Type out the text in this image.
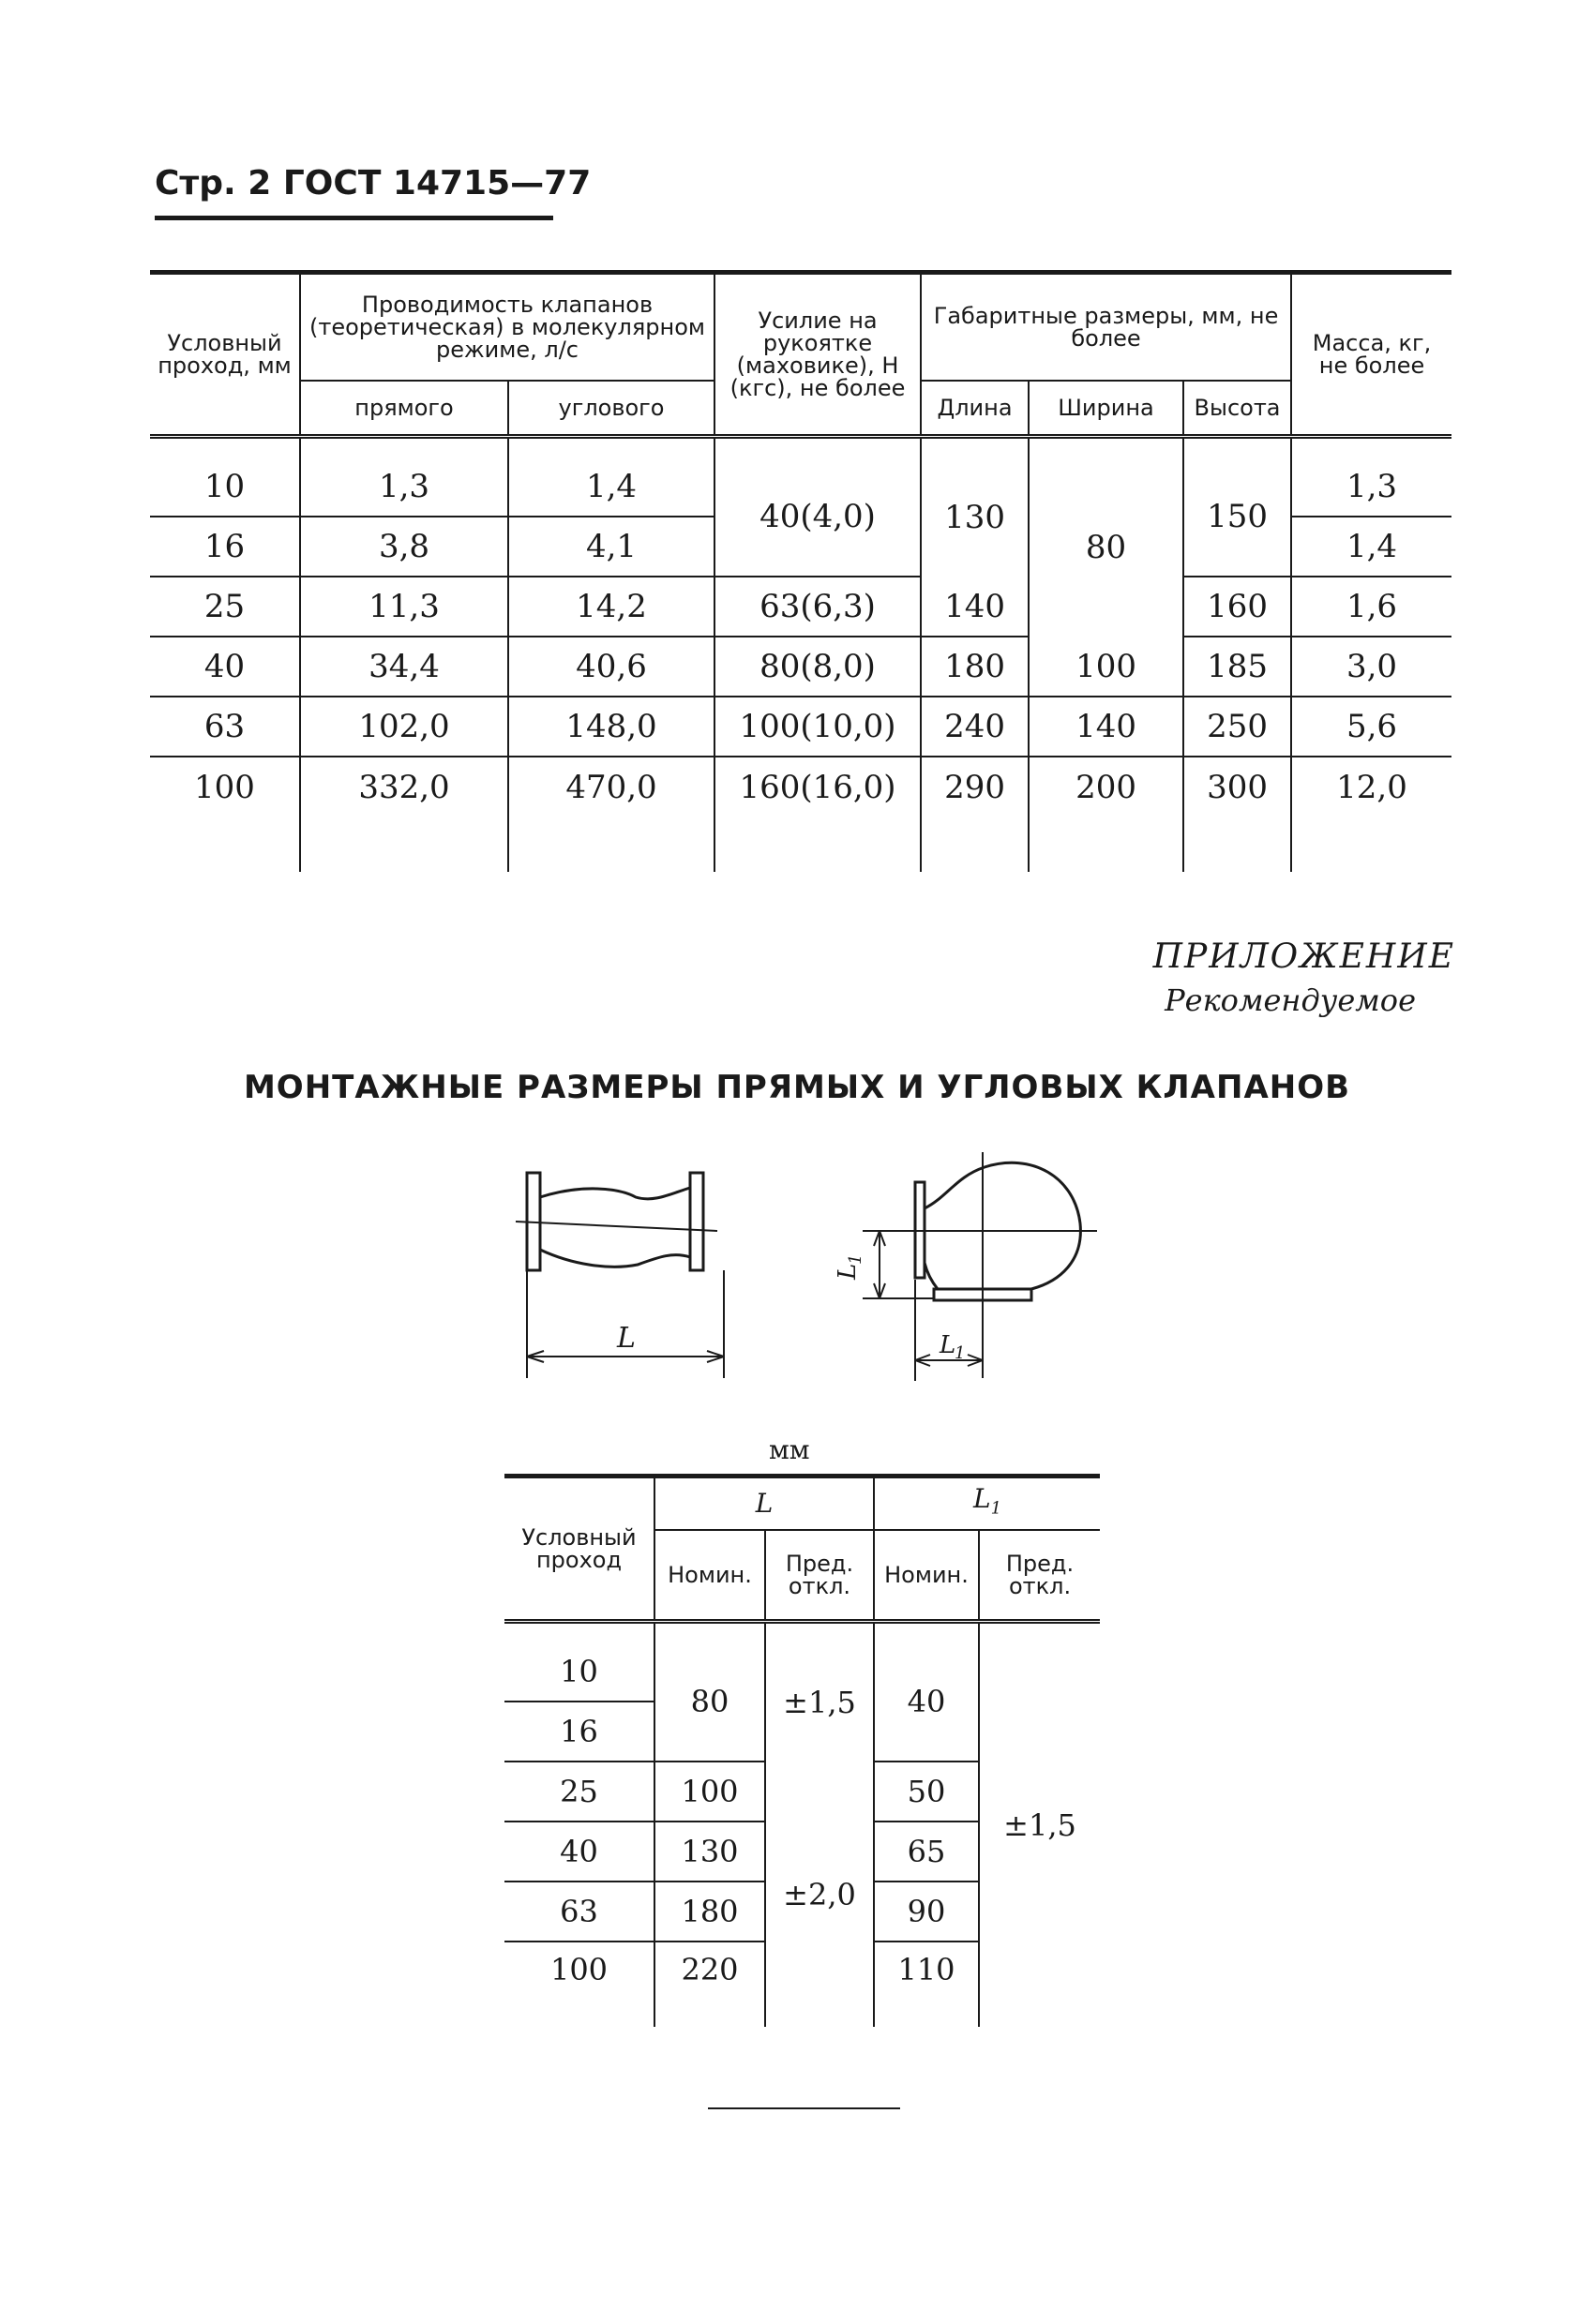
Стр. 2 ГОСТ 14715—77
Условный проход, мм	Проводимость клапанов (теоретическая) в молекулярном режиме, л/с		Усилие на рукоятке (маховике), Н (кгс), не более	Габаритные размеры, мм, не более			Масса, кг, не более
	прямого	углового		Длина	Ширина	Высота	
10	1,3	1,4	40(4,0)	130	80	150	1,3
16	3,8	4,1					1,4
25	11,3	14,2	63(6,3)	140		160	1,6
40	34,4	40,6	80(8,0)	180	100	185	3,0
63	102,0	148,0	100(10,0)	240	140	250	5,6
100	332,0	470,0	160(16,0)	290	200	300	12,0
ПРИЛОЖЕНИЕ
Рекомендуемое
МОНТАЖНЫЕ РАЗМЕРЫ ПРЯМЫХ И УГЛОВЫХ КЛАПАНОВ
L
L
1
L
1
мм
Условный проход	L		$L_1$
	Номин.	Пред. откл.	Номин.	Пред. откл.
10	80	±1,5	40	±1,5
16				
25	100	±2,0	50	
40	130		65	
63	180		90	
100	220		110	
